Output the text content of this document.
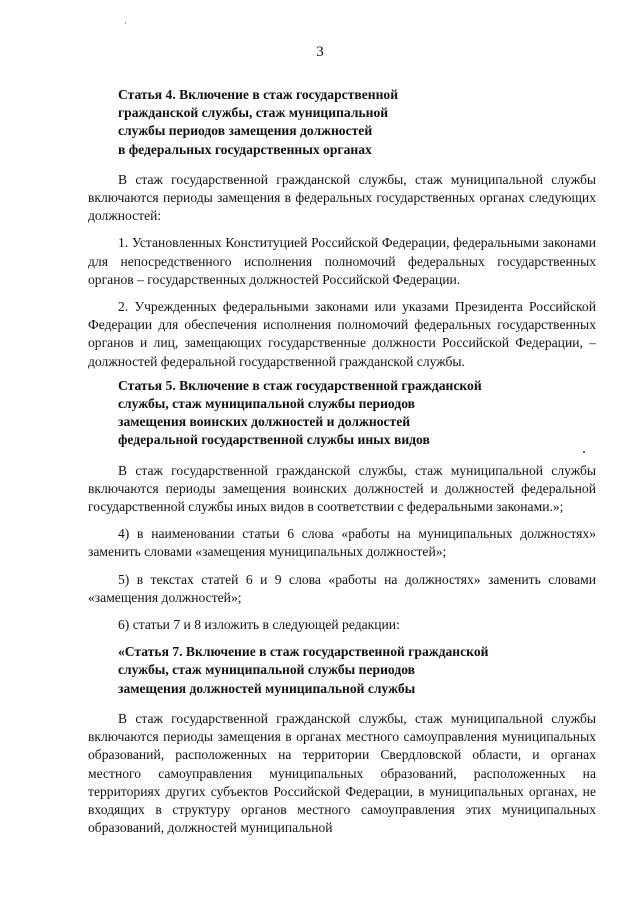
3
Статья 4. Включение в стаж государственной
гражданской службы, стаж муниципальной
службы периодов замещения должностей
в федеральных государственных органах

В стаж государственной гражданской службы, стаж муниципальной службы включаются периоды замещения в федеральных государственных органах следующих должностей:

1. Установленных Конституцией Российской Федерации, федеральными законами для непосредственного исполнения полномочий федеральных государственных органов – государственных должностей Российской Федерации.

2. Учрежденных федеральными законами или указами Президента Российской Федерации для обеспечения исполнения полномочий федеральных государственных органов и лиц, замещающих государственные должности Российской Федерации, – должностей федеральной государственной гражданской службы.

Статья 5. Включение в стаж государственной гражданской
службы, стаж муниципальной службы периодов
замещения воинских должностей и должностей
федеральной государственной службы иных видов

В стаж государственной гражданской службы, стаж муниципальной службы включаются периоды замещения воинских должностей и должностей федеральной государственной службы иных видов в соответствии с федеральными законами.»;

4) в наименовании статьи 6 слова «работы на муниципальных должностях» заменить словами «замещения муниципальных должностей»;

5) в текстах статей 6 и 9 слова «работы на должностях» заменить словами «замещения должностей»;

6) статьи 7 и 8 изложить в следующей редакции:

«Статья 7. Включение в стаж государственной гражданской
службы, стаж муниципальной службы периодов
замещения должностей муниципальной службы

В стаж государственной гражданской службы, стаж муниципальной службы включаются периоды замещения в органах местного самоуправления муниципальных образований, расположенных на территории Свердловской области, и органах местного самоуправления муниципальных образований, расположенных на территориях других субъектов Российской Федерации, в муниципальных органах, не входящих в структуру органов местного самоуправления этих муниципальных образований, должностей муниципальной
